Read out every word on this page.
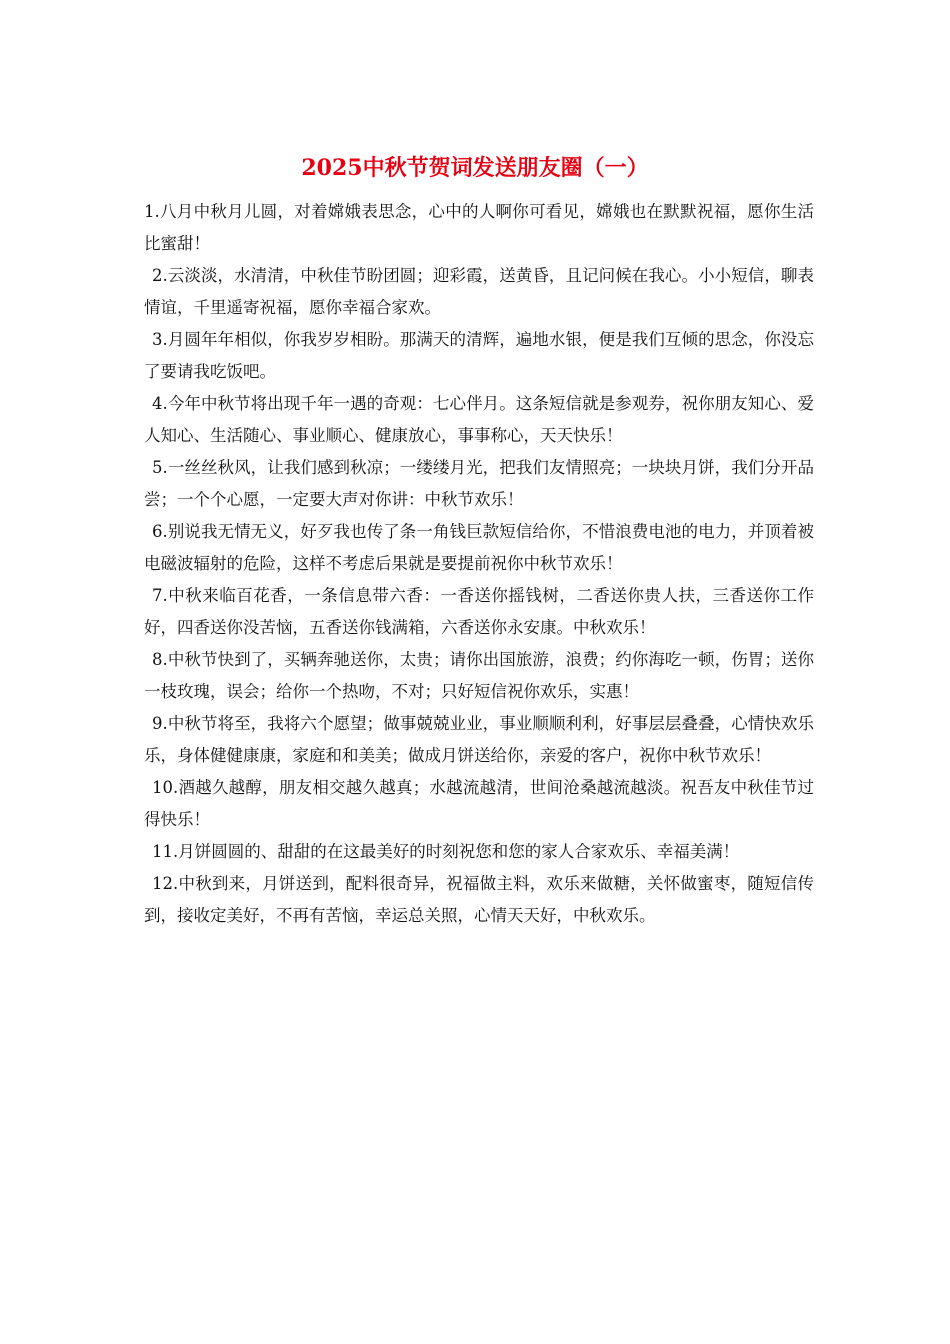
2025中秋节贺词发送朋友圈（一）

1.八月中秋月儿圆，对着嫦娥表思念，心中的人啊你可看见，嫦娥也在默默祝福，愿你生活比蜜甜！

2.云淡淡，水清清，中秋佳节盼团圆；迎彩霞，送黄昏，且记问候在我心。小小短信，聊表情谊，千里遥寄祝福，愿你幸福合家欢。

3.月圆年年相似，你我岁岁相盼。那满天的清辉，遍地水银，便是我们互倾的思念，你没忘了要请我吃饭吧。

4.今年中秋节将出现千年一遇的奇观：七心伴月。这条短信就是参观券，祝你朋友知心、爱人知心、生活随心、事业顺心、健康放心，事事称心，天天快乐！

5.一丝丝秋风，让我们感到秋凉；一缕缕月光，把我们友情照亮；一块块月饼，我们分开品尝；一个个心愿，一定要大声对你讲：中秋节欢乐！

6.别说我无情无义，好歹我也传了条一角钱巨款短信给你，不惜浪费电池的电力，并顶着被电磁波辐射的危险，这样不考虑后果就是要提前祝你中秋节欢乐！

7.中秋来临百花香，一条信息带六香：一香送你摇钱树，二香送你贵人扶，三香送你工作好，四香送你没苦恼，五香送你钱满箱，六香送你永安康。中秋欢乐！

8.中秋节快到了，买辆奔驰送你，太贵；请你出国旅游，浪费；约你海吃一顿，伤胃；送你一枝玫瑰，误会；给你一个热吻，不对；只好短信祝你欢乐，实惠！

9.中秋节将至，我将六个愿望；做事兢兢业业，事业顺顺利利，好事层层叠叠，心情快欢乐乐，身体健健康康，家庭和和美美；做成月饼送给你，亲爱的客户，祝你中秋节欢乐！

10.酒越久越醇，朋友相交越久越真；水越流越清，世间沧桑越流越淡。祝吾友中秋佳节过得快乐！

11.月饼圆圆的、甜甜的在这最美好的时刻祝您和您的家人合家欢乐、幸福美满！

12.中秋到来，月饼送到，配料很奇异，祝福做主料，欢乐来做糖，关怀做蜜枣，随短信传到，接收定美好，不再有苦恼，幸运总关照，心情天天好，中秋欢乐。
